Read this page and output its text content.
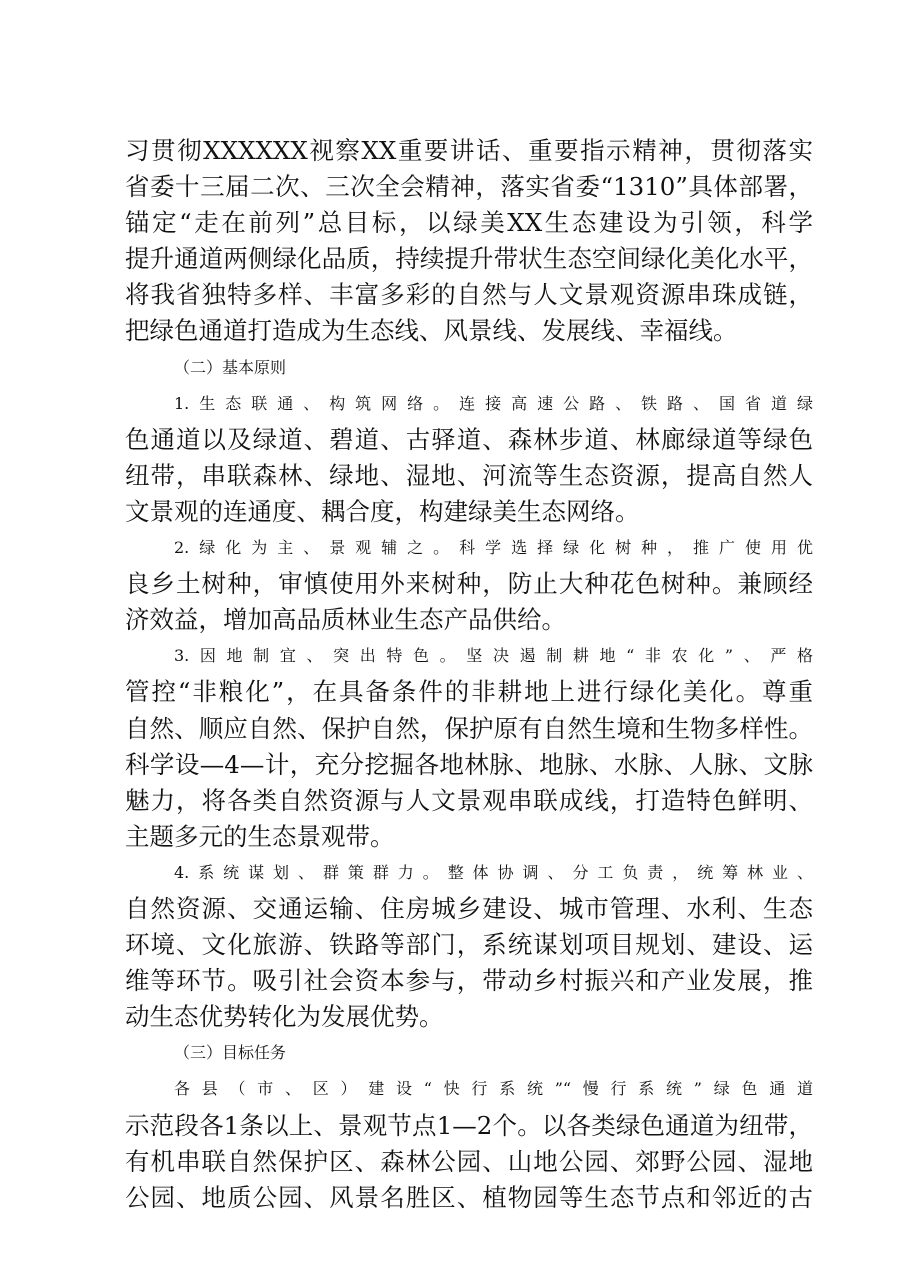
习贯彻XXXXXX视察XX重要讲话、重要指示精神，贯彻落实
省委十三届二次、三次全会精神，落实省委“1310”具体部署，
锚定“走在前列”总目标，以绿美XX生态建设为引领，科学
提升通道两侧绿化品质，持续提升带状生态空间绿化美化水平，
将我省独特多样、丰富多彩的自然与人文景观资源串珠成链，
把绿色通道打造成为生态线、风景线、发展线、幸福线。
（二）基本原则
1.生态联通、构筑网络。连接高速公路、铁路、国省道绿
色通道以及绿道、碧道、古驿道、森林步道、林廊绿道等绿色
纽带，串联森林、绿地、湿地、河流等生态资源，提高自然人
文景观的连通度、耦合度，构建绿美生态网络。
2.绿化为主、景观辅之。科学选择绿化树种，推广使用优
良乡土树种，审慎使用外来树种，防止大种花色树种。兼顾经
济效益，增加高品质林业生态产品供给。
3.因地制宜、突出特色。坚决遏制耕地“非农化”、严格
管控“非粮化”，在具备条件的非耕地上进行绿化美化。尊重
自然、顺应自然、保护自然，保护原有自然生境和生物多样性。
科学设—4—计，充分挖掘各地林脉、地脉、水脉、人脉、文脉
魅力，将各类自然资源与人文景观串联成线，打造特色鲜明、
主题多元的生态景观带。
4.系统谋划、群策群力。整体协调、分工负责，统筹林业、
自然资源、交通运输、住房城乡建设、城市管理、水利、生态
环境、文化旅游、铁路等部门，系统谋划项目规划、建设、运
维等环节。吸引社会资本参与，带动乡村振兴和产业发展，推
动生态优势转化为发展优势。
（三）目标任务
各县（市、区）建设“快行系统”“慢行系统”绿色通道
示范段各1条以上、景观节点1—2个。以各类绿色通道为纽带，
有机串联自然保护区、森林公园、山地公园、郊野公园、湿地
公园、地质公园、风景名胜区、植物园等生态节点和邻近的古
